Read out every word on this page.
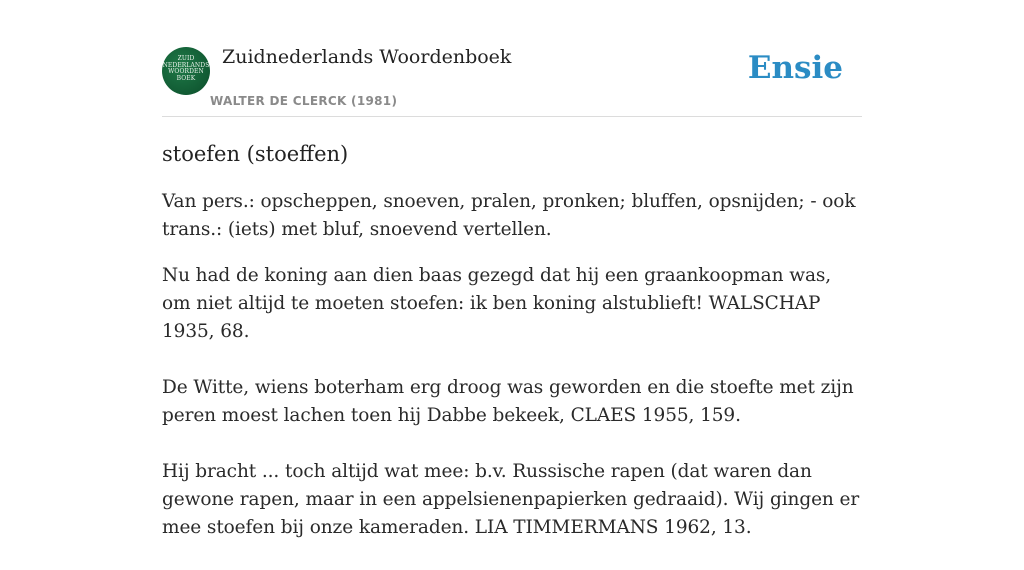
ZUID
NEDERLANDS
WOORDEN
BOEK
Zuidnederlands Woordenboek
WALTER DE CLERCK (1981)
Ensie
stoefen (stoeffen)

Van pers.: opscheppen, snoeven, pralen, pronken; bluffen, opsnijden; - ook trans.: (iets) met bluf, snoevend vertellen.

Nu had de koning aan dien baas gezegd dat hij een graankoopman was, om niet altijd te moeten stoefen: ik ben koning alstublieft! WALSCHAP 1935, 68.

De Witte, wiens boterham erg droog was geworden en die stoefte met zijn peren moest lachen toen hij Dabbe bekeek, CLAES 1955, 159.

Hij bracht ... toch altijd wat mee: b.v. Russische rapen (dat waren dan gewone rapen, maar in een appelsienenpapierken gedraaid). Wij gingen er mee stoefen bij onze kameraden. LIA TIMMERMANS 1962, 13.
